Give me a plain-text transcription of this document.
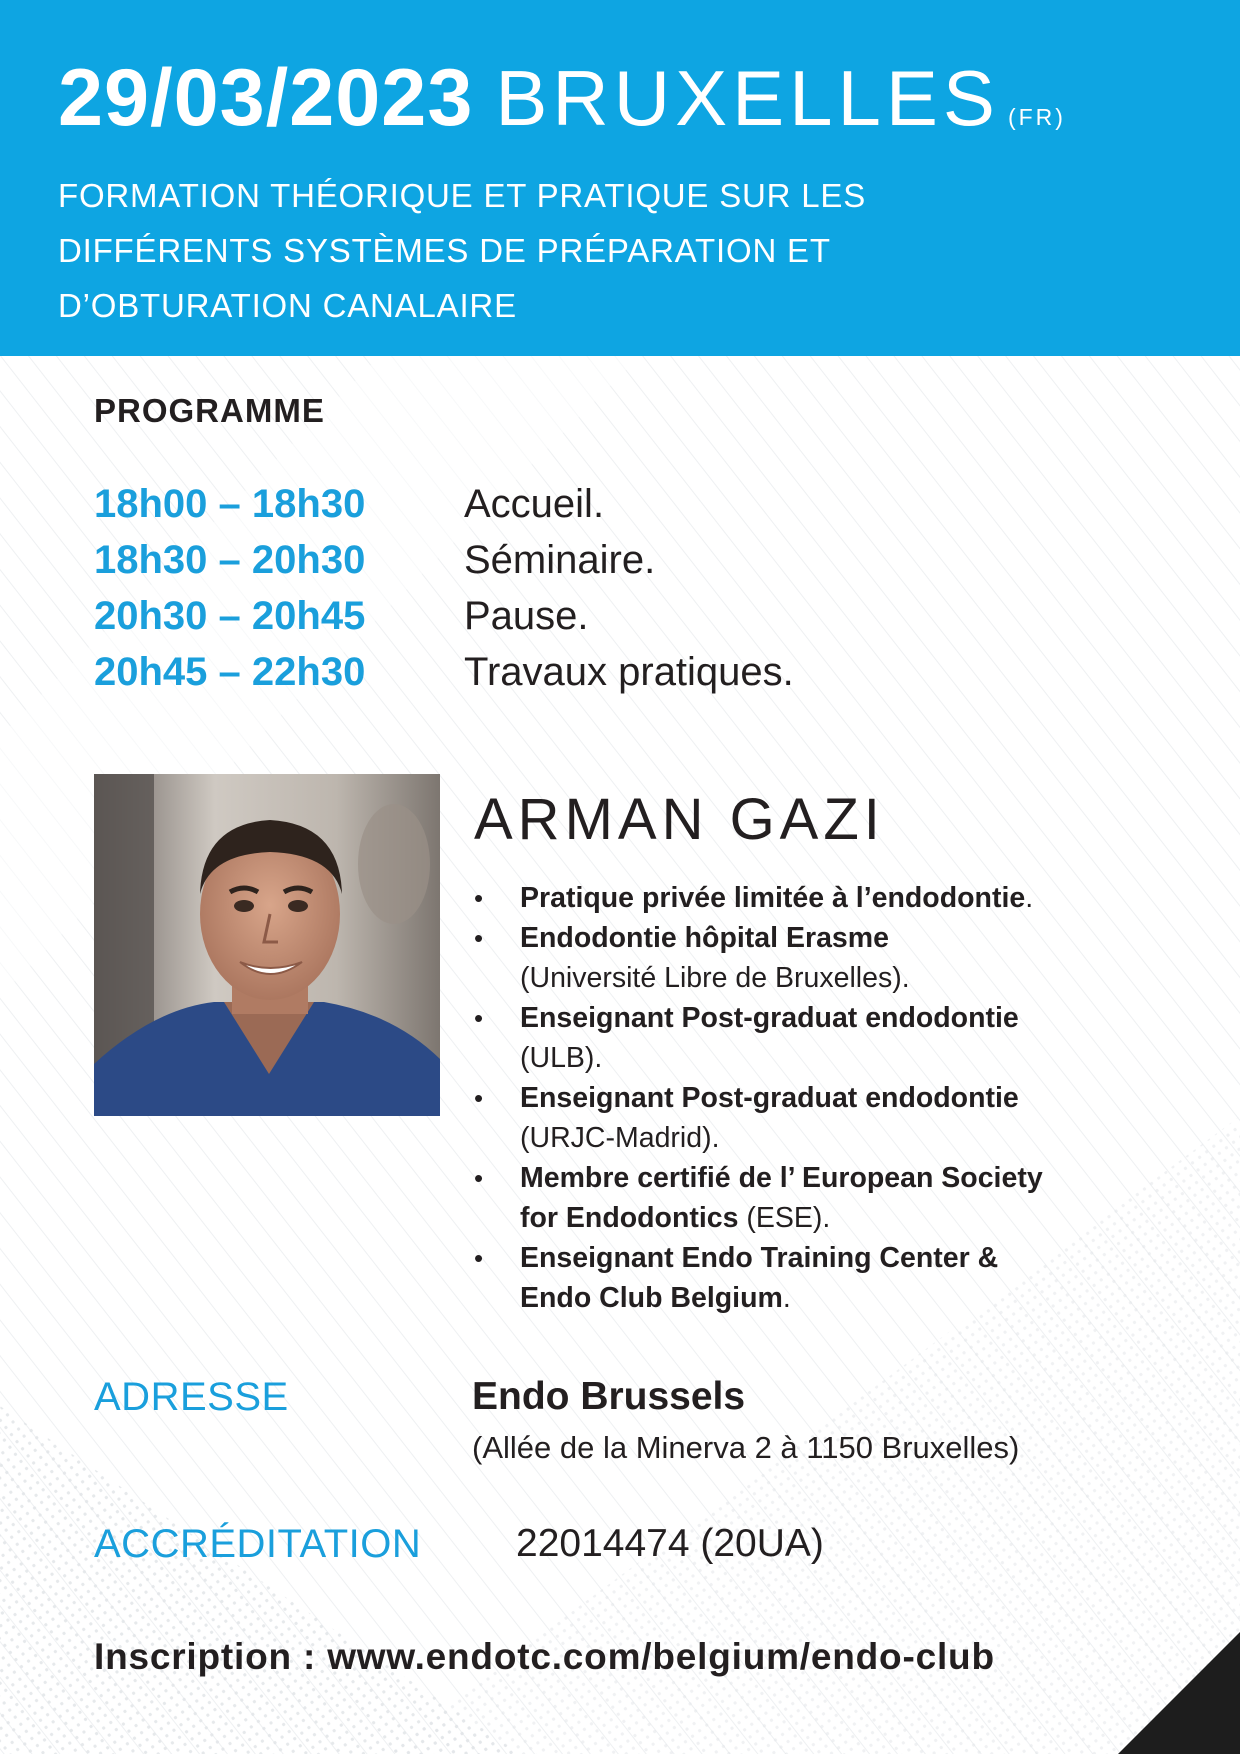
29/03/2023 BRUXELLES (FR)
FORMATION THÉORIQUE ET PRATIQUE SUR LES
DIFFÉRENTS SYSTÈMES DE PRÉPARATION ET
D’OBTURATION CANALAIRE
PROGRAMME
18h00 – 18h30 Accueil.
18h30 – 20h30 Séminaire.
20h30 – 20h45 Pause.
20h45 – 22h30 Travaux pratiques.
ARMAN GAZI
• Pratique privée limitée à l’endodontie.
• Endodontie hôpital Erasme
(Université Libre de Bruxelles).
• Enseignant Post-graduat endodontie
(ULB).
• Enseignant Post-graduat endodontie
(URJC-Madrid).
• Membre certifié de l’ European Society
for Endodontics (ESE).
• Enseignant Endo Training Center &
Endo Club Belgium.
ADRESSE	Endo Brussels
(Allée de la Minerva 2 à 1150 Bruxelles)
ACCRÉDITATION 22014474 (20UA)
Inscription : www.endotc.com/belgium/endo-club
